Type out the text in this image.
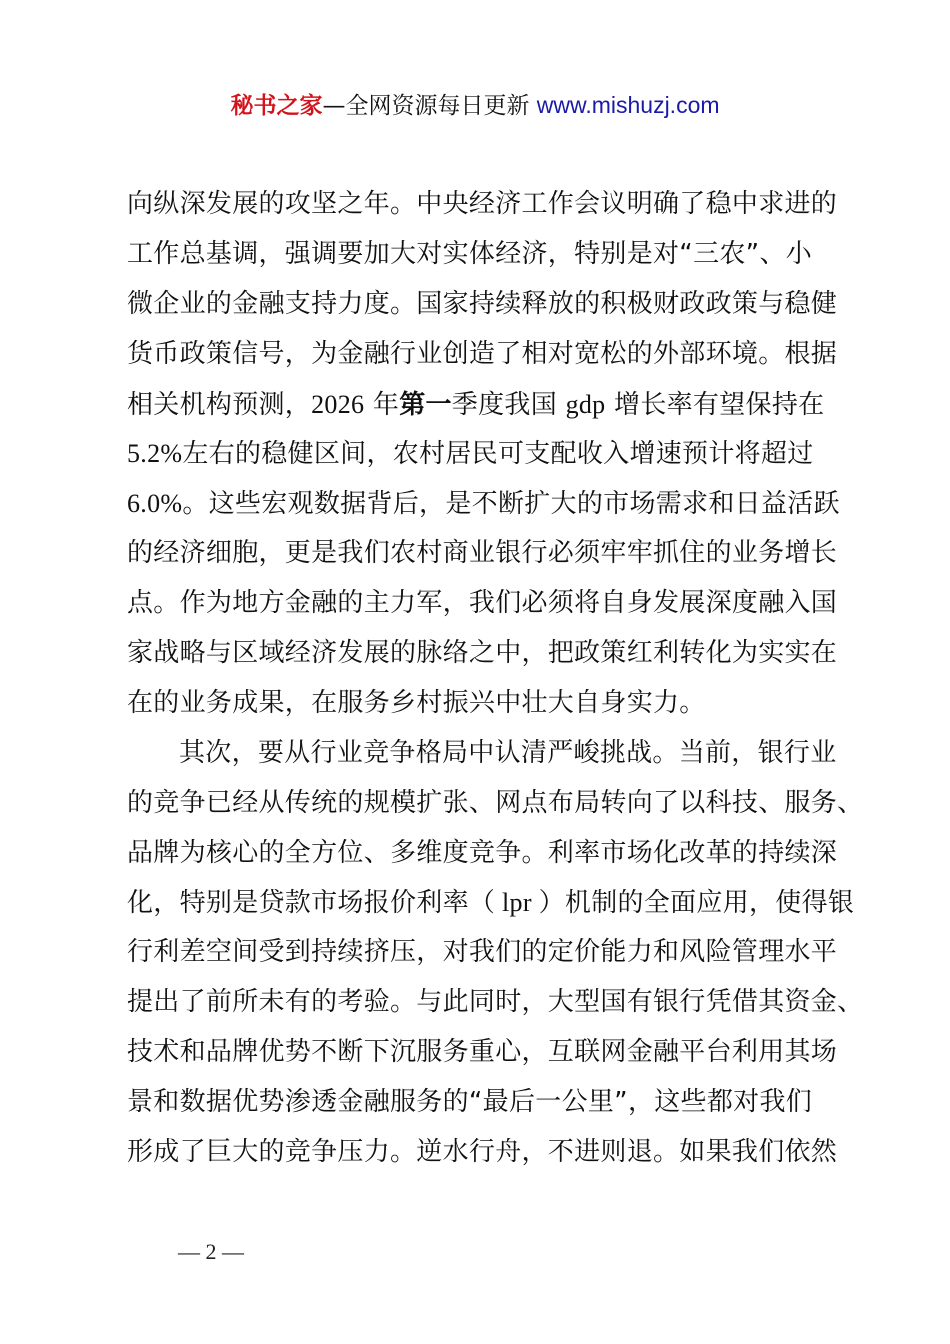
秘书之家—全网资源每日更新 www.mishuzj.com
向纵深发展的攻坚之年。中央经济工作会议明确了稳中求进的
工作总基调，强调要加大对实体经济，特别是对“三农”、小
微企业的金融支持力度。国家持续释放的积极财政政策与稳健
货币政策信号，为金融行业创造了相对宽松的外部环境。根据
相关机构预测，2026 年第一季度我国 gdp 增长率有望保持在
5.2%左右的稳健区间，农村居民可支配收入增速预计将超过
6.0%。这些宏观数据背后，是不断扩大的市场需求和日益活跃
的经济细胞，更是我们农村商业银行必须牢牢抓住的业务增长
点。作为地方金融的主力军，我们必须将自身发展深度融入国
家战略与区域经济发展的脉络之中，把政策红利转化为实实在
在的业务成果，在服务乡村振兴中壮大自身实力。
其次，要从行业竞争格局中认清严峻挑战。当前，银行业
的竞争已经从传统的规模扩张、网点布局转向了以科技、服务、
品牌为核心的全方位、多维度竞争。利率市场化改革的持续深
化，特别是贷款市场报价利率（ lpr ）机制的全面应用，使得银
行利差空间受到持续挤压，对我们的定价能力和风险管理水平
提出了前所未有的考验。与此同时，大型国有银行凭借其资金、
技术和品牌优势不断下沉服务重心，互联网金融平台利用其场
景和数据优势渗透金融服务的“最后一公里”，这些都对我们
形成了巨大的竞争压力。逆水行舟，不进则退。如果我们依然
— 2 —
